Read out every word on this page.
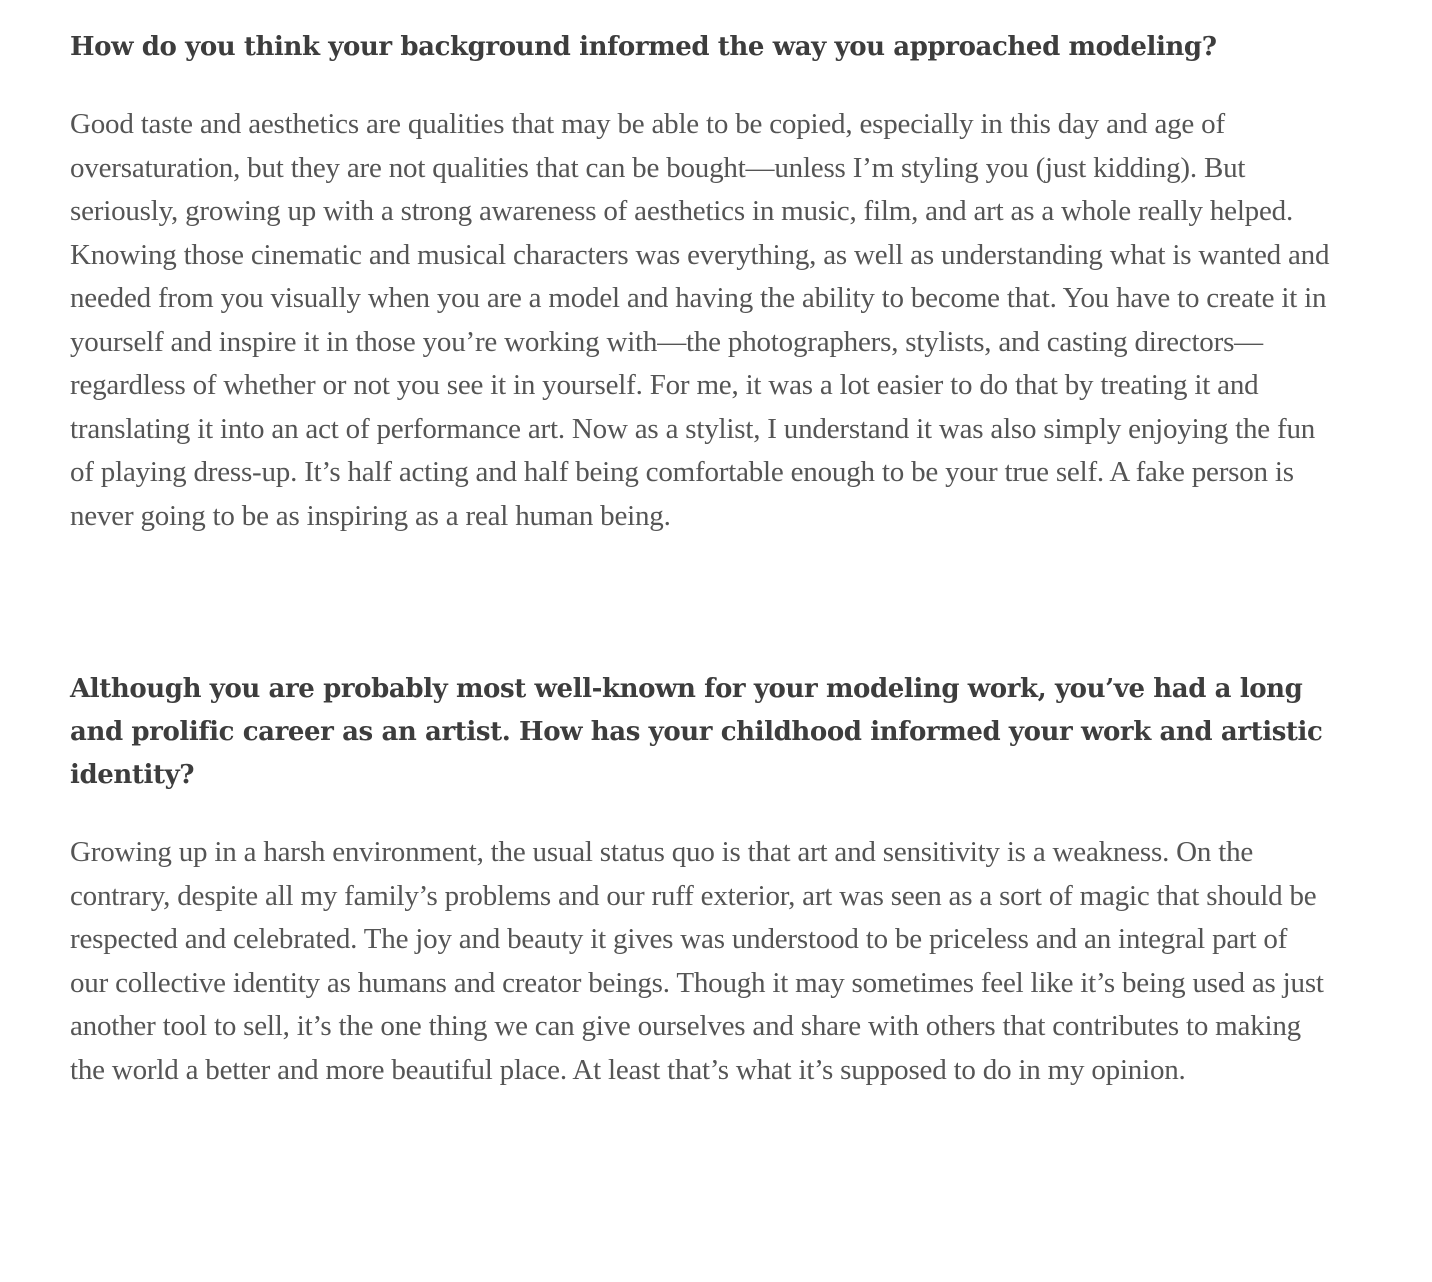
How do you think your background informed the way you approached modeling?

Good taste and aesthetics are qualities that may be able to be copied, especially in this day and age of oversaturation, but they are not qualities that can be bought—unless I’m styling you (just kidding). But seriously, growing up with a strong awareness of aesthetics in music, film, and art as a whole really helped. Knowing those cinematic and musical characters was everything, as well as understanding what is wanted and needed from you visually when you are a model and having the ability to become that. You have to create it in yourself and inspire it in those you’re working with—the photographers, stylists, and casting directors—regardless of whether or not you see it in yourself. For me, it was a lot easier to do that by treating it and translating it into an act of performance art. Now as a stylist, I understand it was also simply enjoying the fun of playing dress-up. It’s half acting and half being comfortable enough to be your true self. A fake person is never going to be as inspiring as a real human being.

Although you are probably most well-known for your modeling work, you’ve had a long and prolific career as an artist. How has your childhood informed your work and artistic identity?

Growing up in a harsh environment, the usual status quo is that art and sensitivity is a weakness. On the contrary, despite all my family’s problems and our ruff exterior, art was seen as a sort of magic that should be respected and celebrated. The joy and beauty it gives was understood to be priceless and an integral part of our collective identity as humans and creator beings. Though it may sometimes feel like it’s being used as just another tool to sell, it’s the one thing we can give ourselves and share with others that contributes to making the world a better and more beautiful place. At least that’s what it’s supposed to do in my opinion.
